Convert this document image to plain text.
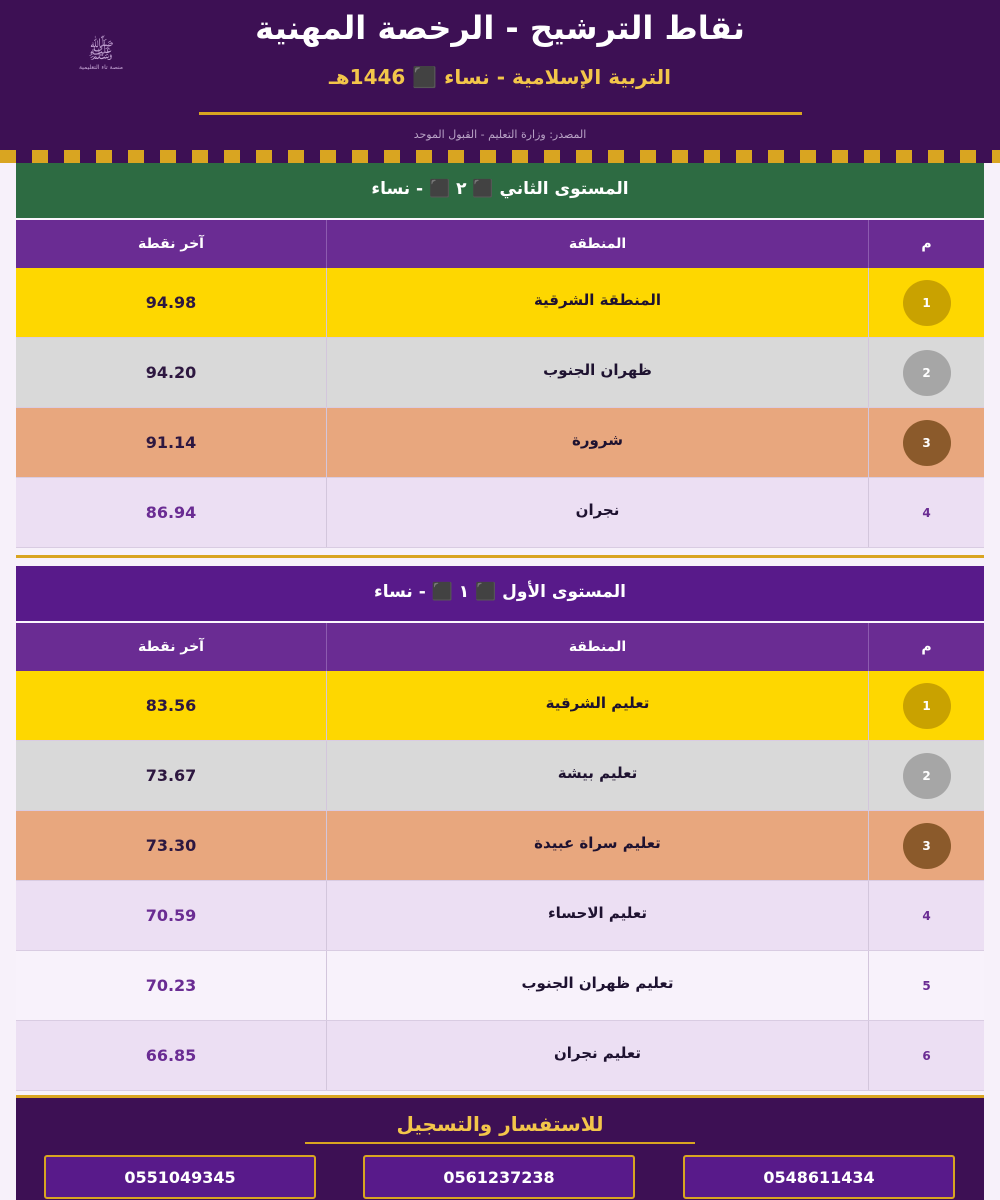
نقاط الترشيح - الرخصة المهنية
التربية الإسلامية - نساء ⬛ 1446هـ
المصدر: وزارة التعليم - القبول الموحد
ﷺ
منصة تاء التعليمية
المستوى الثاني ⬛ ٢ ⬛ - نساء
آخر نقطة	المنطقة	م
94.98	المنطقة الشرقية	1
94.20	ظهران الجنوب	2
91.14	شرورة	3
86.94	نجران	4
المستوى الأول ⬛ ١ ⬛ - نساء
آخر نقطة	المنطقة	م
83.56	تعليم الشرقية	1
73.67	تعليم بيشة	2
73.30	تعليم سراة عبيدة	3
70.59	تعليم الاحساء	4
70.23	تعليم ظهران الجنوب	5
66.85	تعليم نجران	6
للاستفسار والتسجيل
0551049345	0561237238	0548611434
